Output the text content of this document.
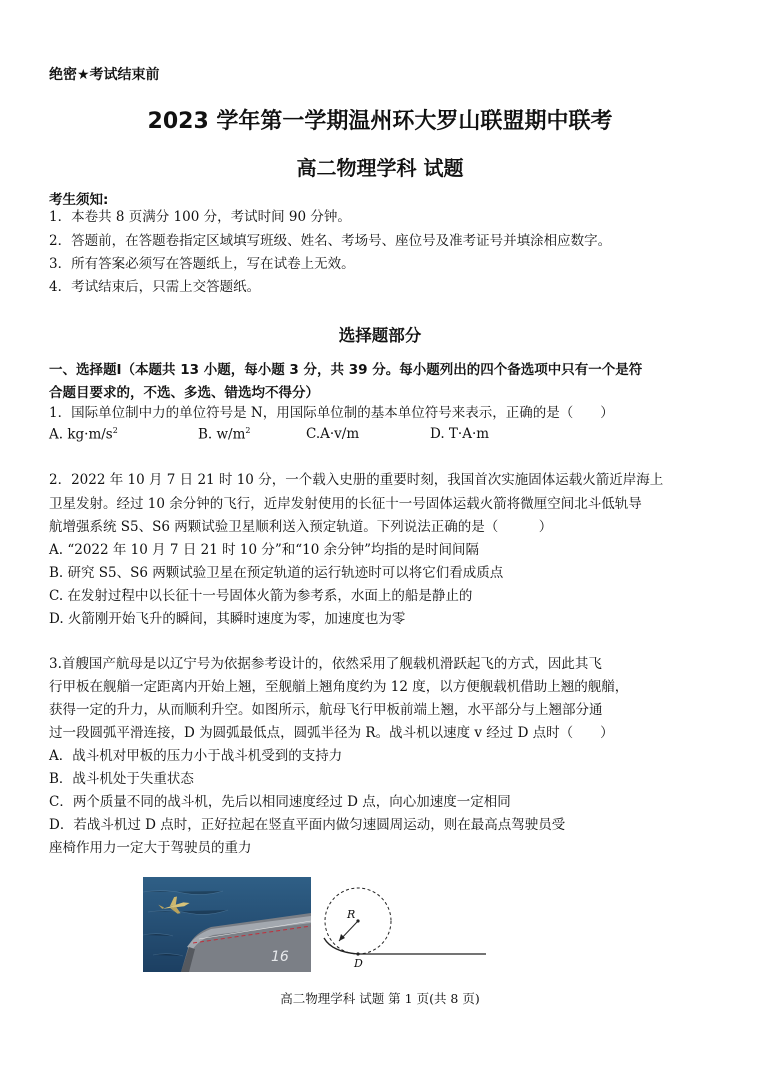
绝密★考试结束前
2023 学年第一学期温州环大罗山联盟期中联考
高二物理学科 试题
考生须知:
1．本卷共 8 页满分 100 分，考试时间 90 分钟。
2．答题前，在答题卷指定区域填写班级、姓名、考场号、座位号及准考证号并填涂相应数字。
3．所有答案必须写在答题纸上，写在试卷上无效。
4．考试结束后，只需上交答题纸。
选择题部分
一、选择题Ⅰ（本题共 13 小题，每小题 3 分，共 39 分。每小题列出的四个备选项中只有一个是符
合题目要求的，不选、多选、错选均不得分）
1．国际单位制中力的单位符号是 N，用国际单位制的基本单位符号来表示，正确的是（　　）
A. $kg\cdot m/s^2$	B. $w/m^2$	C.A·v/m	D. T·A·m
2．2022 年 10 月 7 日 21 时 10 分，一个载入史册的重要时刻，我国首次实施固体运载火箭近岸海上
卫星发射。经过 10 余分钟的飞行，近岸发射使用的长征十一号固体运载火箭将微厘空间北斗低轨导
航增强系统 S5、S6 两颗试验卫星顺利送入预定轨道。下列说法正确的是（　　　）
A. “2022 年 10 月 7 日 21 时 10 分”和“10 余分钟”均指的是时间间隔
B. 研究 S5、S6 两颗试验卫星在预定轨道的运行轨迹时可以将它们看成质点
C. 在发射过程中以长征十一号固体火箭为参考系，水面上的船是静止的
D. 火箭刚开始飞升的瞬间，其瞬时速度为零，加速度也为零
3.首艘国产航母是以辽宁号为依据参考设计的，依然采用了舰载机滑跃起飞的方式，因此其飞
行甲板在舰艏一定距离内开始上翘，至舰艏上翘角度约为 12 度，以方便舰载机借助上翘的舰艏，
获得一定的升力，从而顺利升空。如图所示，航母飞行甲板前端上翘，水平部分与上翘部分通
过一段圆弧平滑连接，D 为圆弧最低点，圆弧半径为 R。战斗机以速度 v 经过 D 点时（　　）
A．战斗机对甲板的压力小于战斗机受到的支持力
B．战斗机处于失重状态
C．两个质量不同的战斗机，先后以相同速度经过 D 点，向心加速度一定相同
D．若战斗机过 D 点时，正好拉起在竖直平面内做匀速圆周运动，则在最高点驾驶员受
座椅作用力一定大于驾驶员的重力
16
R
D
高二物理学科 试题 第 1 页(共 8 页)
